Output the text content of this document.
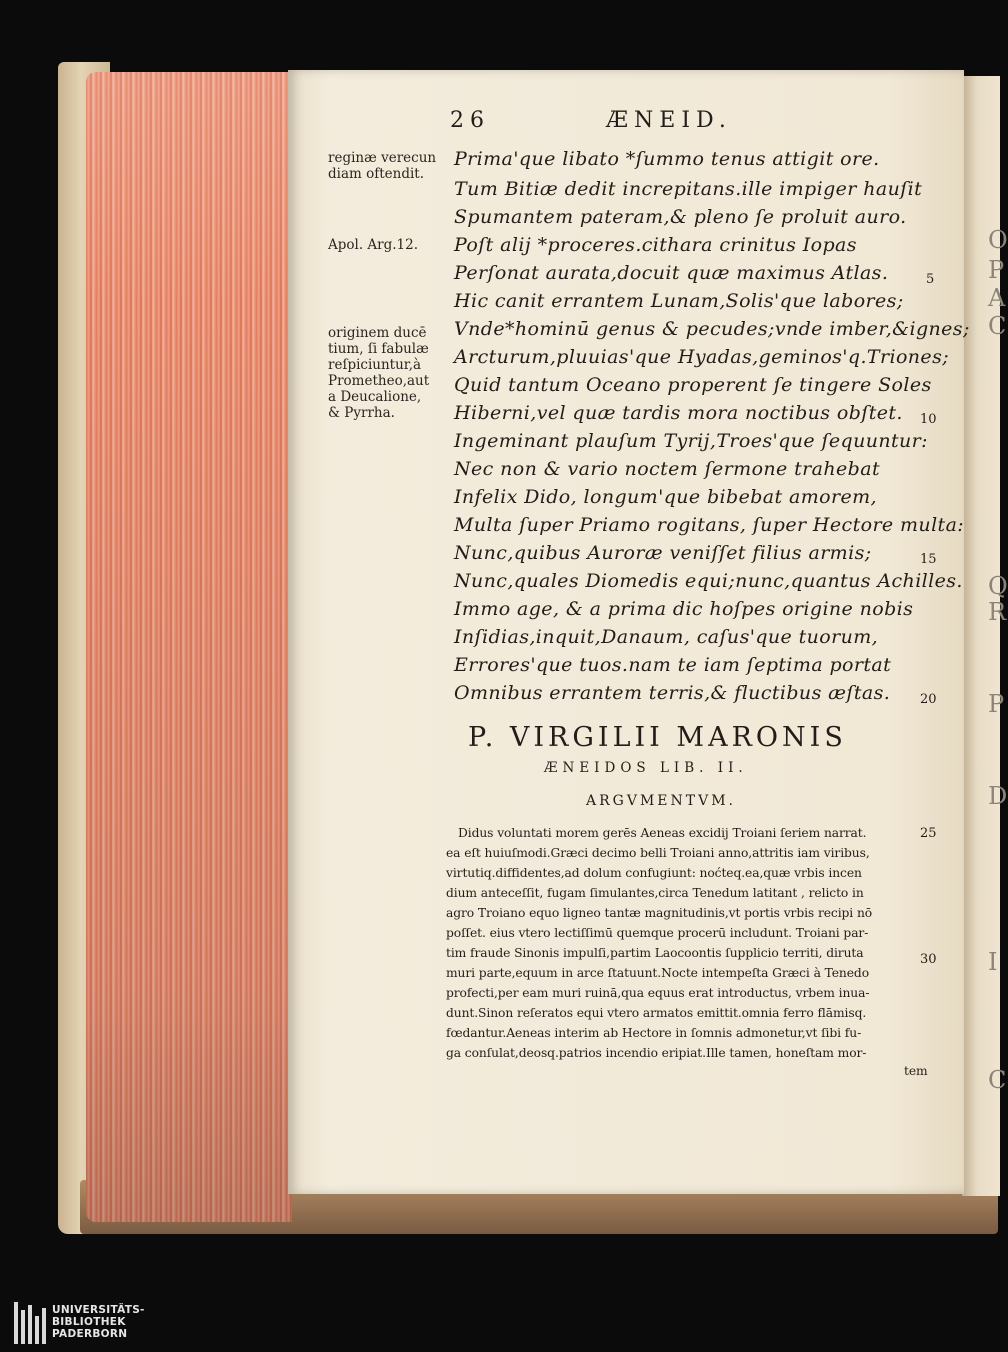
O
P
A
C
Q
R
P
D
I
C
26	ÆNEID.
reginæ verecun
diam oftendit.
Apol. Arg.12.
originem ducē
tium, ſi fabulæ
reſpiciuntur,à
Prometheo,aut
a Deucalione,
& Pyrrha.
Prima'que libato *ſummo tenus attigit ore.
Tum Bitiæ dedit increpitans.ille impiger hauſit
Spumantem pateram,& pleno ſe proluit auro.
Poſt alij *proceres.cithara crinitus Iopas
Perſonat aurata,docuit quæ maximus Atlas.
Hic canit errantem Lunam,Solis'que labores;
Vnde*hominū genus & pecudes;vnde imber,&ignes;
Arcturum,pluuias'que Hyadas,geminos'q.Triones;
Quid tantum Oceano properent ſe tingere Soles
Hiberni,vel quæ tardis mora noctibus obſtet.
Ingeminant plauſum Tyrij,Troes'que ſequuntur:
Nec non & vario noctem ſermone trahebat
Infelix Dido, longum'que bibebat amorem,
Multa ſuper Priamo rogitans, ſuper Hectore multa:
Nunc,quibus Auroræ veniſſet filius armis;
Nunc,quales Diomedis equi;nunc,quantus Achilles.
Immo age, & a prima dic hoſpes origine nobis
Inſidias,inquit,Danaum, caſus'que tuorum,
Errores'que tuos.nam te iam ſeptima portat
Omnibus errantem terris,& fluctibus æſtas.
5
10
15
20
25
30
P. VIRGILII MARONIS
ÆNEIDOS LIB. II.
ARGVMENTVM.
Didus voluntati morem gerēs Aeneas excidij Troiani ſeriem narrat.
ea eſt huiuſmodi.Græci decimo belli Troiani anno,attritis iam viribus,
virtutiq.diffidentes,ad dolum confugiunt: noćteq.ea,quæ vrbis incen
dium anteceſſit, fugam ſimulantes,circa Tenedum latitant , relicto in
agro Troiano equo ligneo tantæ magnitudinis,vt portis vrbis recipi nō
poſſet. eius vtero lectiſſimū quemque procerū includunt. Troiani par-
tim fraude Sinonis impulſi,partim Laocoontis ſupplicio territi, diruta
muri parte,equum in arce ſtatuunt.Nocte intempeſta Græci à Tenedo
profecti,per eam muri ruinā,qua equus erat introductus, vrbem inua-
dunt.Sinon reſeratos equi vtero armatos emittit.omnia ferro flāmisq.
fœdantur.Aeneas interim ab Hectore in ſomnis admonetur,vt ſibi fu-
ga conſulat,deosq.patrios incendio eripiat.Ille tamen, honeſtam mor-
tem
UNIVERSITÄTS-
BIBLIOTHEK
PADERBORN
